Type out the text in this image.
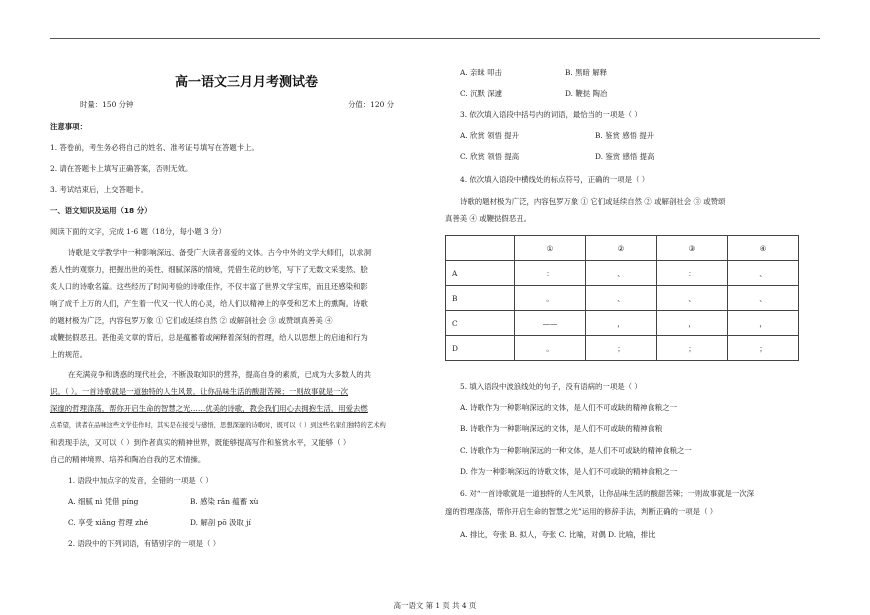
高一语文三月月考测试卷
时量：150 分钟	分值：120 分
注意事项：
1. 答卷前，考生务必将自己的姓名、准考证号填写在答题卡上。
2. 请在答题卡上填写正确答案，否则无效。
3. 考试结束后，上交答题卡。
一、语文知识及运用（18 分）
阅读下面的文字，完成 1-6 题（18分，每小题 3 分）
诗歌是文学教学中一种影响深远、备受广大读者喜爱的文体。古今中外的文学大师们，以求洞
悉人性的观察力，把握出世的美性、细腻深落的情境，凭借生花的妙笔，写下了无数文采斐然、脍
炙人口的诗歌名篇。这些经历了时间考验的诗歌佳作，不仅丰富了世界文学宝库，而且还感染和影
响了成千上万的人们，产生着一代又一代人的心灵，给人们以精神上的享受和艺术上的熏陶。诗歌
的题材极为广泛，内容包罗万象 ① 它们或延续自然 ② 或解剖社会 ③ 或赞颂真善美 ④
或鞭挞假恶丑。甚他美文章的背后，总是蕴蓄着或阐释着深刻的哲理，给人以思想上的启迪和行为
上的规范。
在充满竞争和诱惑的现代社会，不断汲取知识的营养，提高自身的素质，已成为大多数人的共
识。（ ）。一首诗歌就是一道独特的人生风景，让你品味生活的酸甜苦辣；一则故事就是一次
深邃的哲理涤荡，帮你开启生命的智慧之光……优美的诗歌，教会我们用心去拥抱生活，用爱去燃
点希望，读者在品味这些文学佳作时，其实是在接受与感悟，思想深邃的诗歌时，既可以（ ）到这些名家们独特的艺术构
和表现手法，又可以（ ）到作者真实的精神世界，既能够提高写作和鉴赏水平，又能够（ ）
自己的精神境界、培养和陶冶自我的艺术情操。
1. 语段中加点字的发音，全错的一项是（ ）
A. 细腻 nì 凭借 píng	B. 感染 rǎn 蕴蓄 xù
C. 享受 xiǎng 哲理 zhé	D. 解剖 pō 汲取 jí
2. 语段中的下列词语，有错别字的一项是（ ）
A. 亲昧 叩击	B. 黑暗 解释
C. 沉默 深遽	D. 鞭挞 陶冶
3. 依次填入语段中括号内的词语，最恰当的一项是（ ）
A. 欣赏 领悟 提升	B. 鉴赏 感悟 提升
C. 欣赏 领悟 提高	D. 鉴赏 感悟 提高
4. 依次填入语段中横线处的标点符号，正确的一项是（ ）
诗歌的题材极为广泛，内容包罗万象 ① 它们或延续自然 ② 或解剖社会 ③ 或赞颂
真善美 ④ 或鞭挞假恶丑。
	①	②	③	④
A	：	、	：	、
B	。	、	、	、
C	——	，	，	，
D	。	；	；	；
5. 填入语段中波浪线处的句子，没有语病的一项是（ ）
A. 诗歌作为一种影响深远的文体，是人们不可或缺的精神食粮之一
B. 诗歌作为一种影响深远的文体，是人们不可或缺的精神食粮
C. 诗歌作为一种影响深远的一种文体，是人们不可或缺的精神食粮之一
D. 作为一种影响深远的诗歌文体，是人们不可或缺的精神食粮之一
6. 对“一首诗歌就是一道独特的人生风景，让你品味生活的酸甜苦辣；一则故事就是一次深
邃的哲理涤荡，帮你开启生命的智慧之光”运用的修辞手法，判断正确的一项是（ ）
A. 排比，夸张 B. 拟人，夸张 C. 比喻，对偶 D. 比喻，排比
高一语文 第 1 页 共 4 页
